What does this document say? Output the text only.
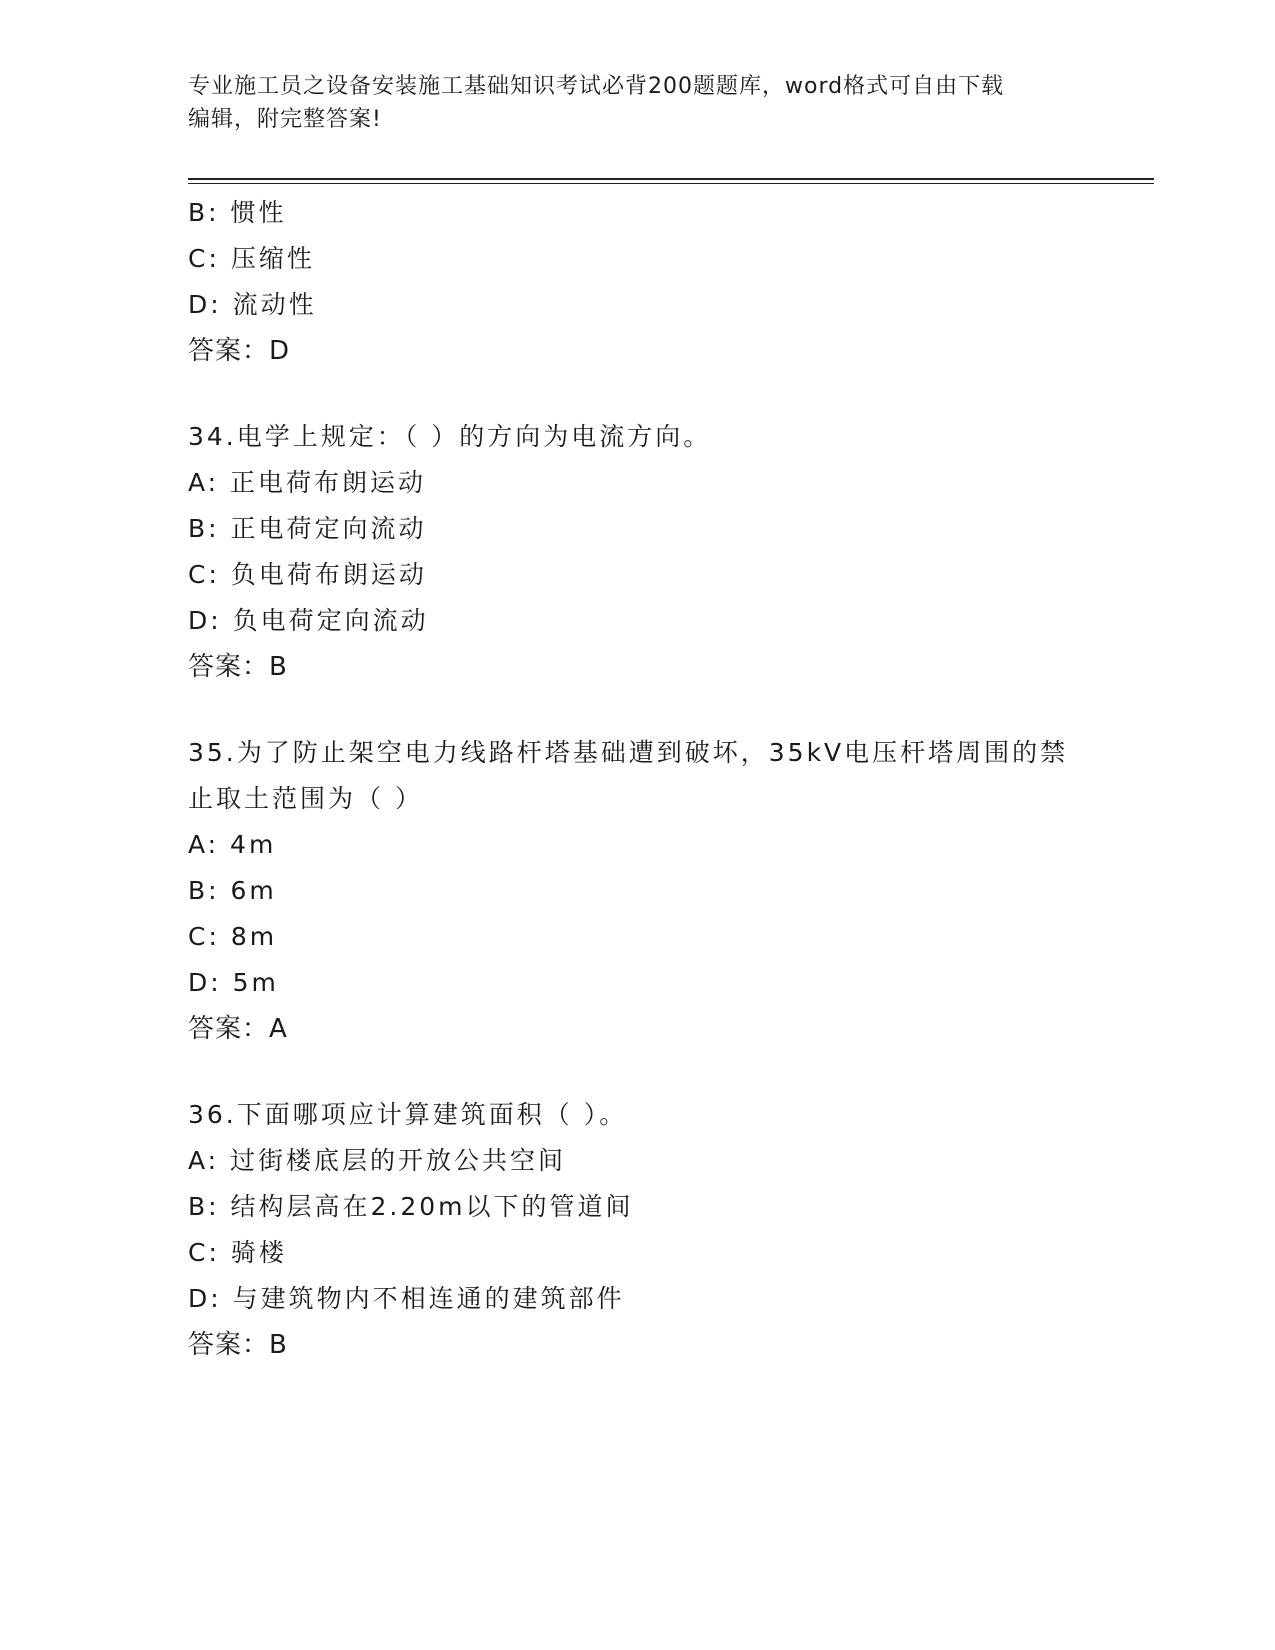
专业施工员之设备安装施工基础知识考试必背200题题库，word格式可自由下载
编辑，附完整答案!
B: 惯性
C: 压缩性
D: 流动性
答案：D
34.电学上规定：（ ）的方向为电流方向。
A: 正电荷布朗运动
B: 正电荷定向流动
C: 负电荷布朗运动
D: 负电荷定向流动
答案：B
35.为了防止架空电力线路杆塔基础遭到破坏，35kV电压杆塔周围的禁
止取土范围为（ ）
A: 4m
B: 6m
C: 8m
D: 5m
答案：A
36.下面哪项应计算建筑面积（ ）。
A: 过街楼底层的开放公共空间
B: 结构层高在2.20m以下的管道间
C: 骑楼
D: 与建筑物内不相连通的建筑部件
答案：B
